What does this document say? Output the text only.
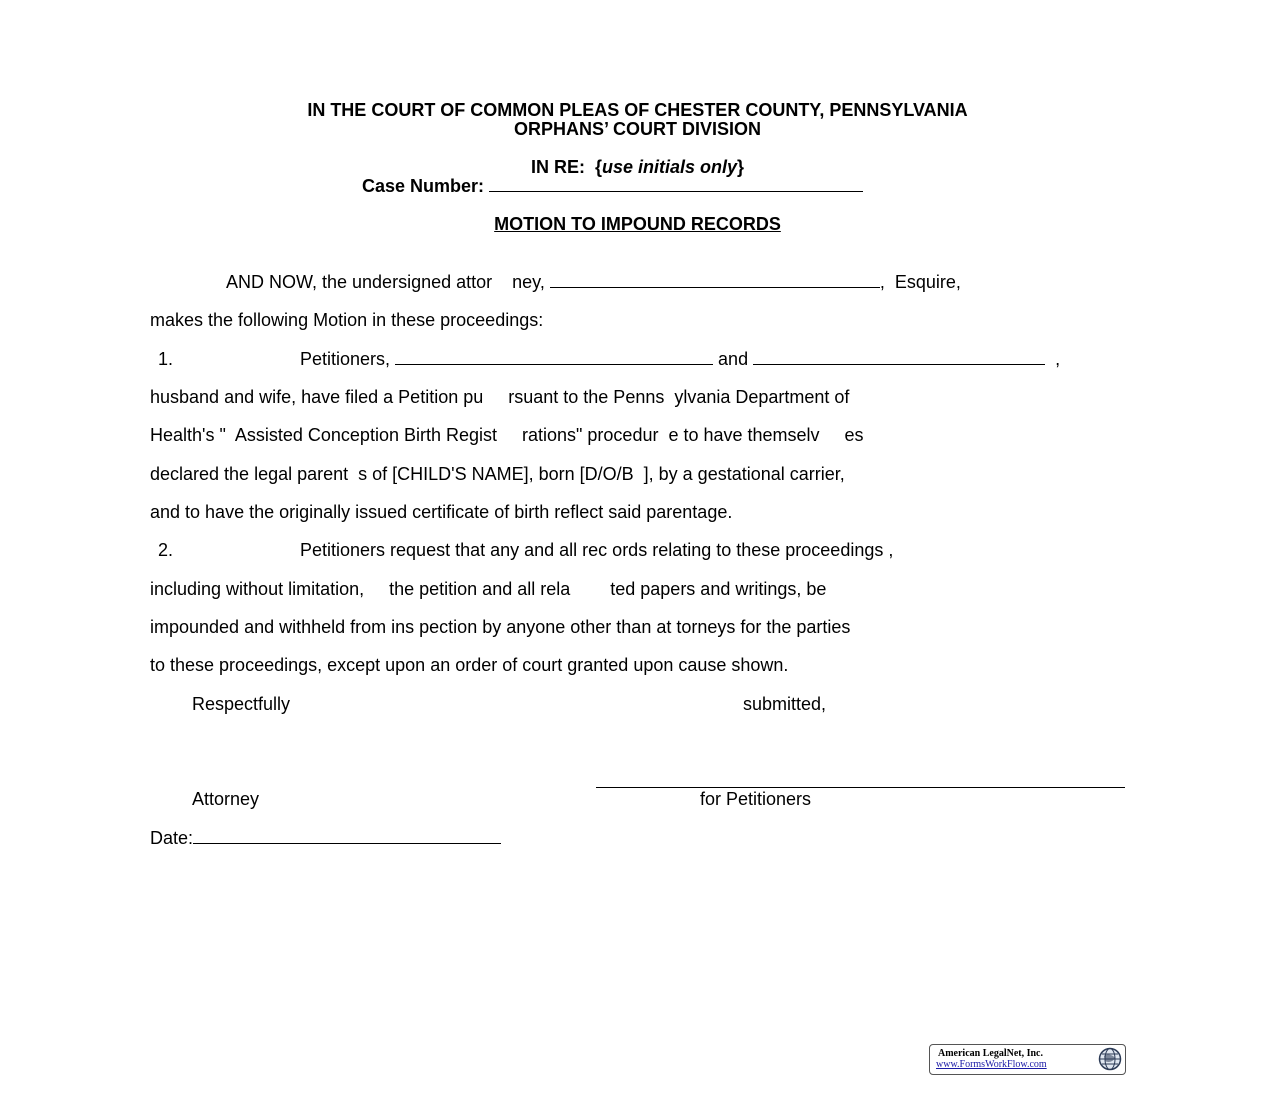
IN THE COURT OF COMMON PLEAS OF CHESTER COUNTY, PENNSYLVANIA
ORPHANS’ COURT DIVISION
IN RE:  {use initials only}
Case Number:
MOTION TO IMPOUND RECORDS
AND NOW, the undersigned attor    ney,	,  Esquire,
makes the following Motion in these proceedings:
1.	Petitioners,	and	,
husband and wife, have filed a Petition pu     rsuant to the Penns  ylvania Department of
Health's "  Assisted Conception Birth Regist     rations" procedur  e to have themselv     es
declared the legal parent  s of [CHILD'S NAME], born [D/O/B  ], by a gestational carrier,
and to have the originally issued certificate of birth reflect said parentage.
2.	Petitioners request that any and all rec ords relating to these proceedings ,
including without limitation,     the petition and all rela        ted papers and writings, be
impounded and withheld from ins pection by anyone other than at torneys for the parties
to these proceedings, except upon an order of court granted upon cause shown.
Respectfully	submitted,
Attorney	for Petitioners
Date:
American LegalNet, Inc.
www.FormsWorkFlow.com
